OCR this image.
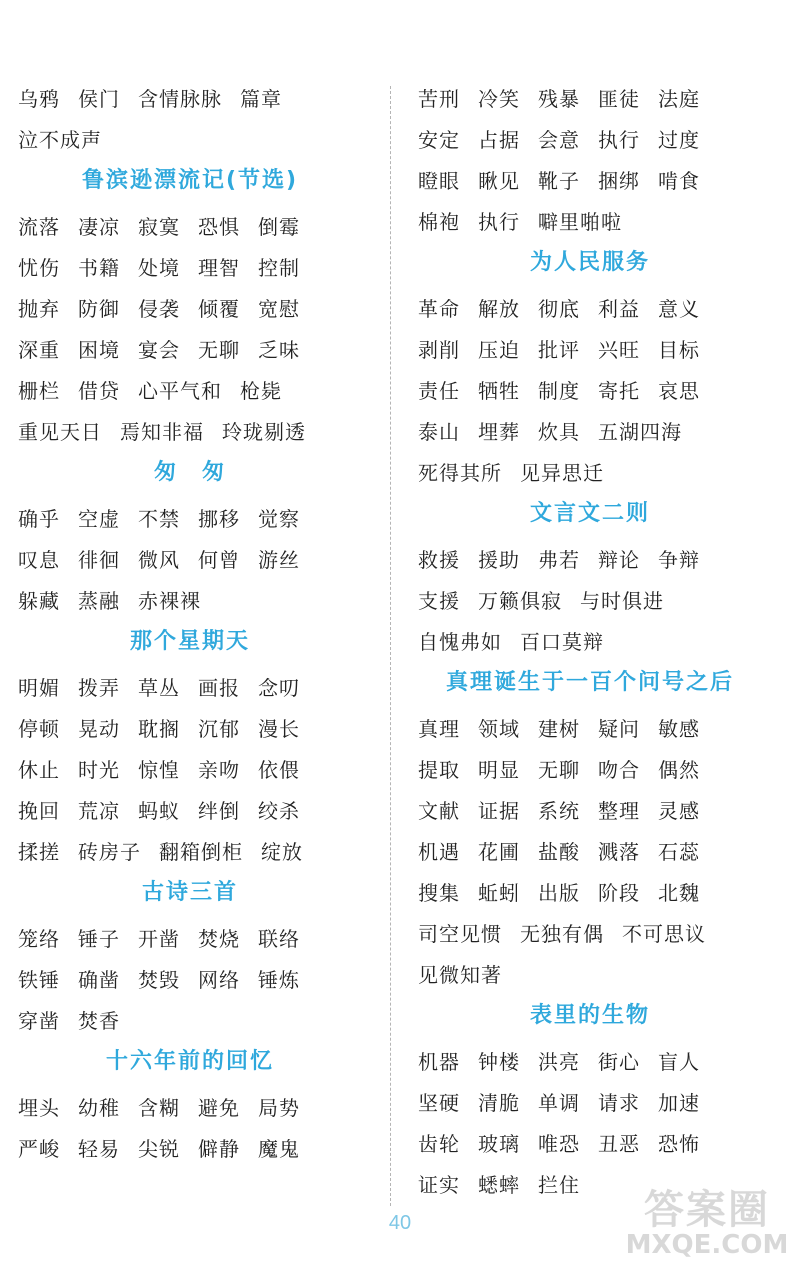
乌鸦 侯门 含情脉脉 篇章
泣不成声
鲁滨逊漂流记(节选)
流落 凄凉 寂寞 恐惧 倒霉
忧伤 书籍 处境 理智 控制
抛弃 防御 侵袭 倾覆 宽慰
深重 困境 宴会 无聊 乏味
栅栏 借贷 心平气和 枪毙
重见天日 焉知非福 玲珑剔透
匆　匆
确乎 空虚 不禁 挪移 觉察
叹息 徘徊 微风 何曾 游丝
躲藏 蒸融 赤裸裸
那个星期天
明媚 拨弄 草丛 画报 念叨
停顿 晃动 耽搁 沉郁 漫长
休止 时光 惊惶 亲吻 依偎
挽回 荒凉 蚂蚁 绊倒 绞杀
揉搓 砖房子 翻箱倒柜 绽放
古诗三首
笼络 锤子 开凿 焚烧 联络
铁锤 确凿 焚毁 网络 锤炼
穿凿 焚香
十六年前的回忆
埋头 幼稚 含糊 避免 局势
严峻 轻易 尖锐 僻静 魔鬼
苦刑 冷笑 残暴 匪徒 法庭
安定 占据 会意 执行 过度
瞪眼 瞅见 靴子 捆绑 啃食
棉袍 执行 噼里啪啦
为人民服务
革命 解放 彻底 利益 意义
剥削 压迫 批评 兴旺 目标
责任 牺牲 制度 寄托 哀思
泰山 埋葬 炊具 五湖四海
死得其所 见异思迁
文言文二则
救援 援助 弗若 辩论 争辩
支援 万籁俱寂 与时俱进
自愧弗如 百口莫辩
真理诞生于一百个问号之后
真理 领域 建树 疑问 敏感
提取 明显 无聊 吻合 偶然
文献 证据 系统 整理 灵感
机遇 花圃 盐酸 溅落 石蕊
搜集 蚯蚓 出版 阶段 北魏
司空见惯 无独有偶 不可思议
见微知著
表里的生物
机器 钟楼 洪亮 街心 盲人
坚硬 清脆 单调 请求 加速
齿轮 玻璃 唯恐 丑恶 恐怖
证实 蟋蟀 拦住
40	答案圈
MXQE.COM
